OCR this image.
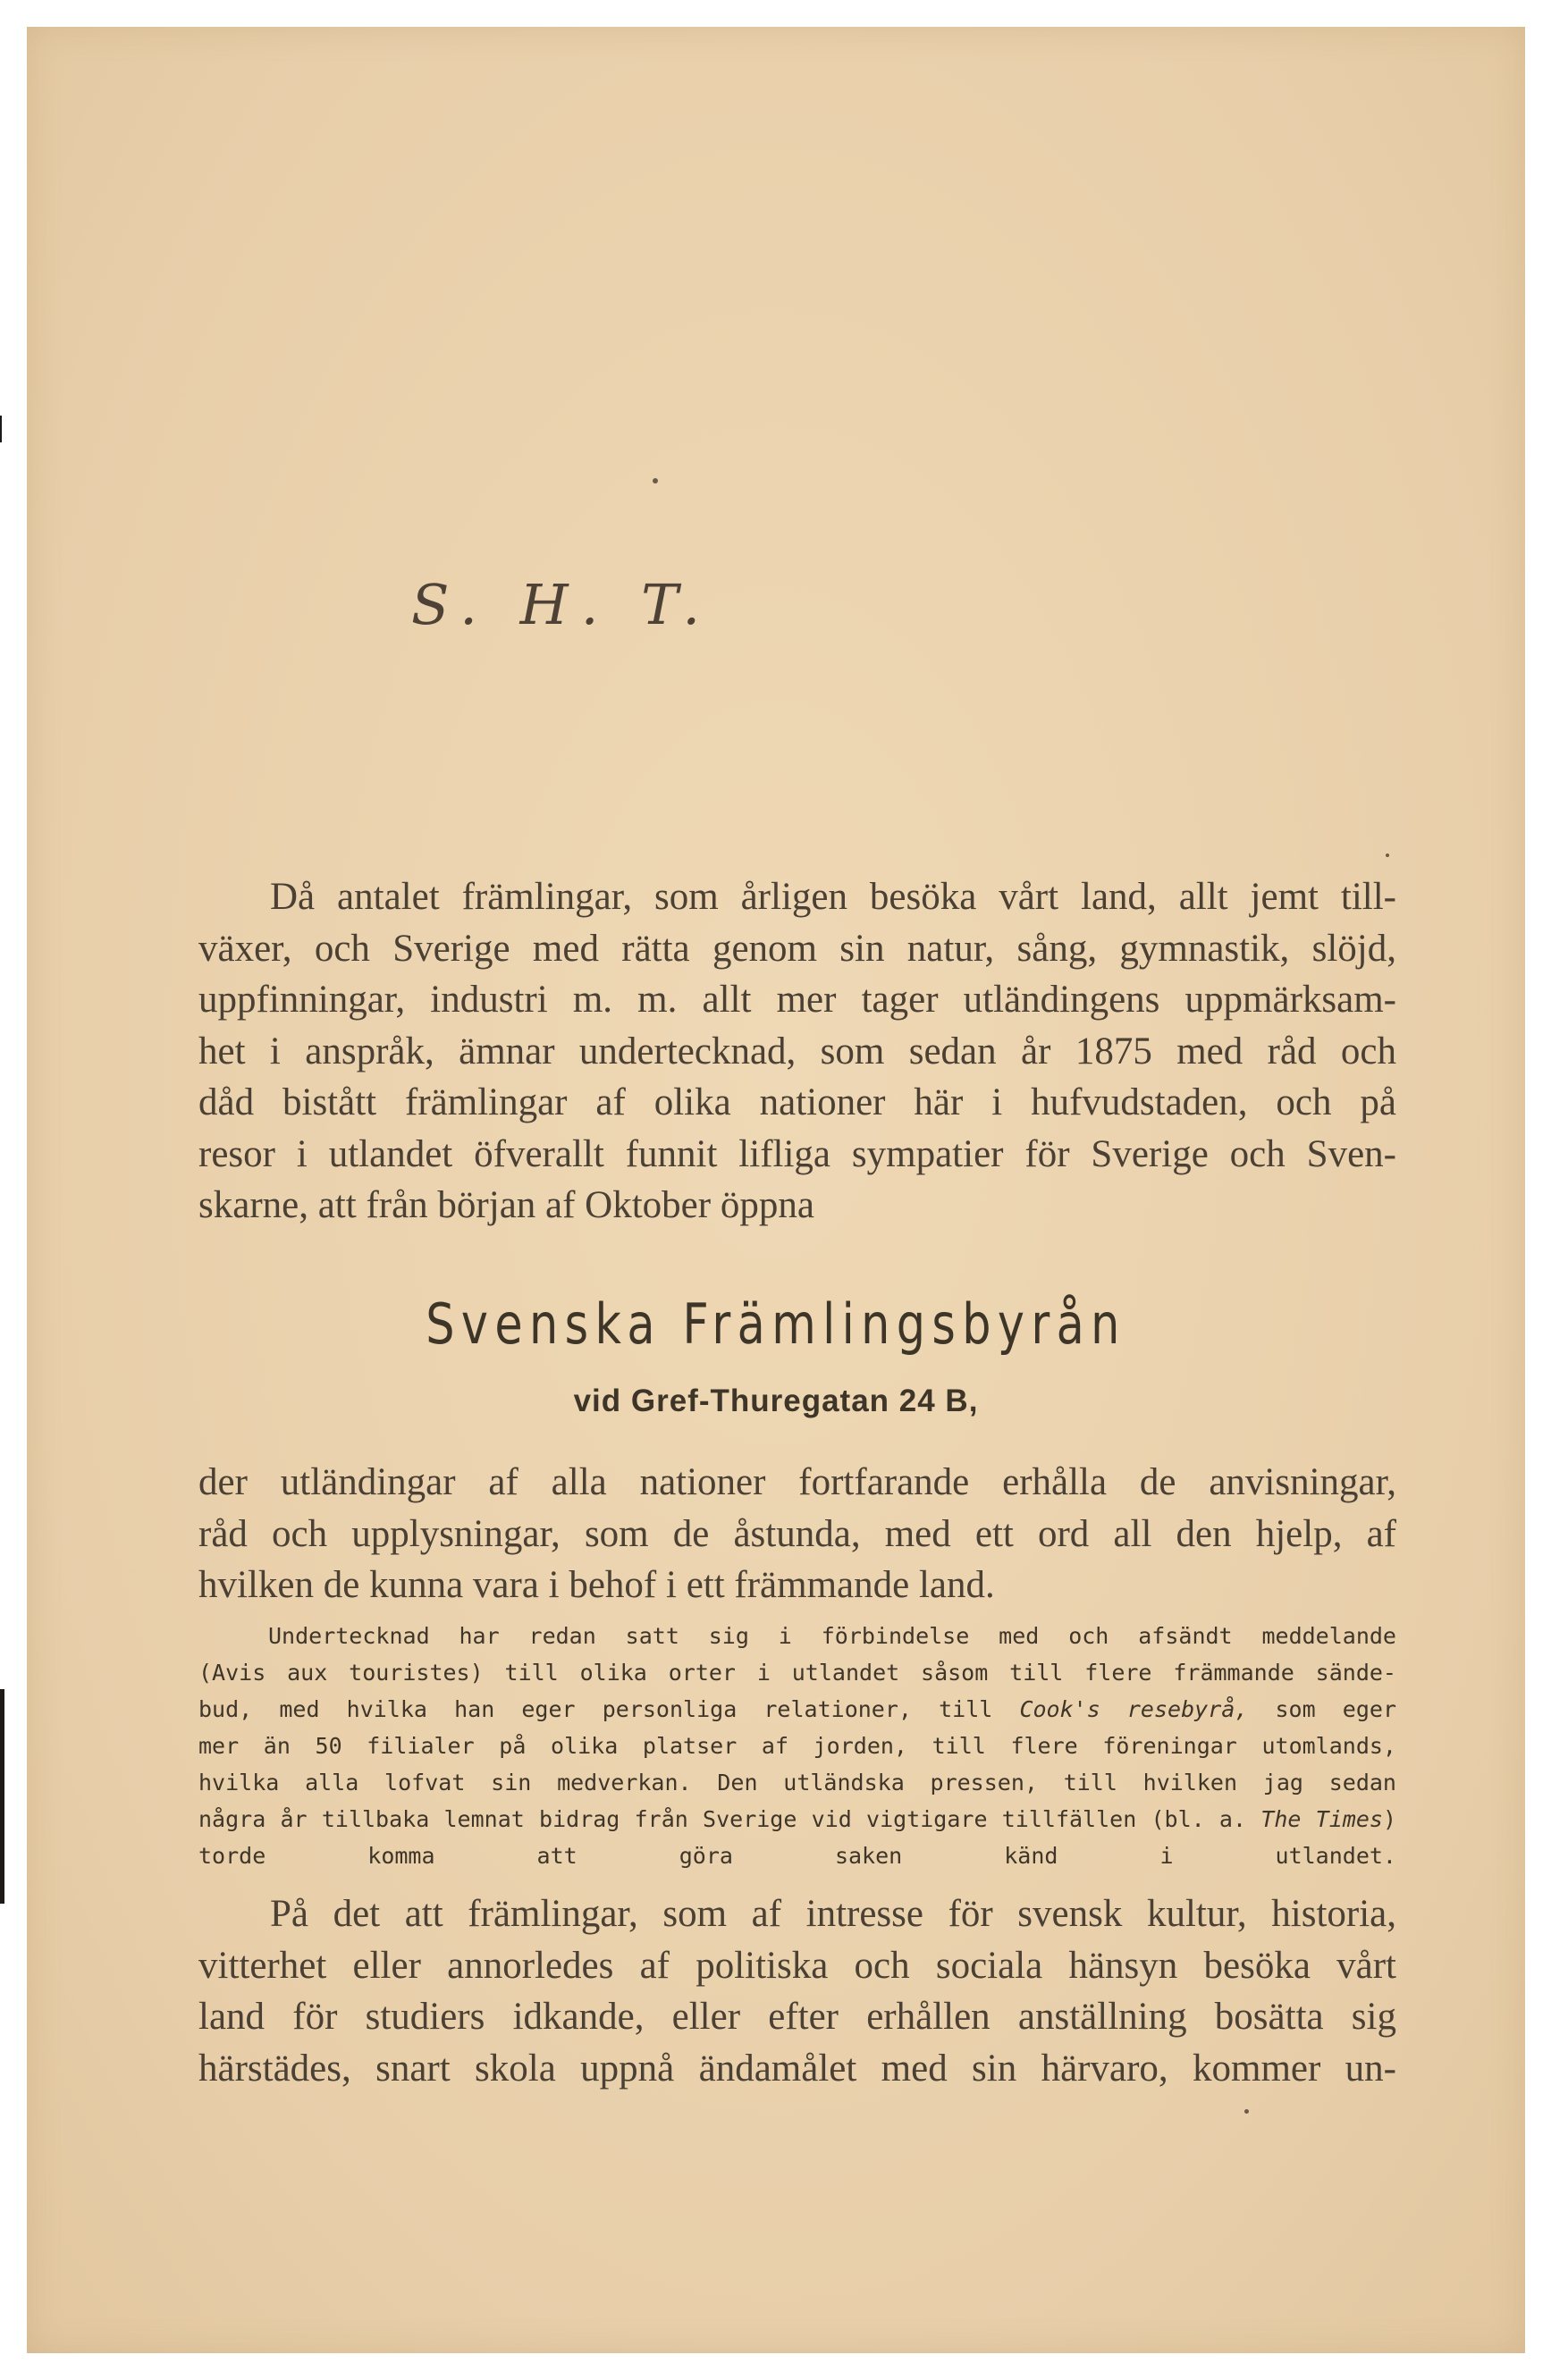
S. H. T.
Då antalet främlingar, som årligen besöka vårt land, allt jemt till-
växer, och Sverige med rätta genom sin natur, sång, gymnastik, slöjd,
uppfinningar, industri m. m. allt mer tager utländingens uppmärksam-
het i anspråk, ämnar undertecknad, som sedan år 1875 med råd och
dåd bistått främlingar af olika nationer här i hufvudstaden, och på
resor i utlandet öfverallt funnit lifliga sympatier för Sverige och Sven-
skarne, att från början af Oktober öppna
Svenska Främlingsbyrån
vid Gref-Thuregatan 24 B,
der utländingar af alla nationer fortfarande erhålla de anvisningar,
råd och upplysningar, som de åstunda, med ett ord all den hjelp, af
hvilken de kunna vara i behof i ett främmande land.
Undertecknad har redan satt sig i förbindelse med och afsändt meddelande
(Avis aux touristes) till olika orter i utlandet såsom till flere främmande sände-
bud, med hvilka han eger personliga relationer, till Cook's resebyrå, som eger
mer än 50 filialer på olika platser af jorden, till flere föreningar utomlands,
hvilka alla lofvat sin medverkan. Den utländska pressen, till hvilken jag sedan
några år tillbaka lemnat bidrag från Sverige vid vigtigare tillfällen (bl. a. The Times)
torde komma att göra saken känd i utlandet.
På det att främlingar, som af intresse för svensk kultur, historia,
vitterhet eller annorledes af politiska och sociala hänsyn besöka vårt
land för studiers idkande, eller efter erhållen anställning bosätta sig
härstädes, snart skola uppnå ändamålet med sin härvaro, kommer un-
